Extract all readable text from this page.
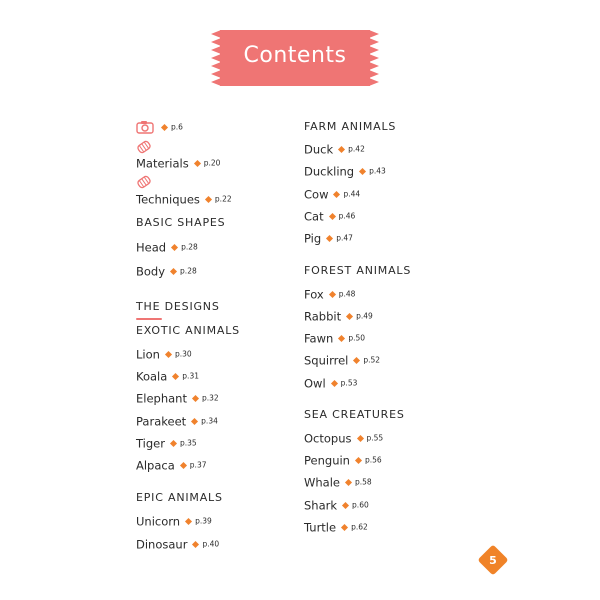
Contents
p.6
Materials p.20
Techniques p.22
BASIC SHAPES
Head p.28
Body p.28
THE DESIGNS
EXOTIC ANIMALS
Lion p.30
Koala p.31
Elephant p.32
Parakeet p.34
Tiger p.35
Alpaca p.37
EPIC ANIMALS
Unicorn p.39
Dinosaur p.40
FARM ANIMALS
Duck p.42
Duckling p.43
Cow p.44
Cat p.46
Pig p.47
FOREST ANIMALS
Fox p.48
Rabbit p.49
Fawn p.50
Squirrel p.52
Owl p.53
SEA CREATURES
Octopus p.55
Penguin p.56
Whale p.58
Shark p.60
Turtle p.62
5
